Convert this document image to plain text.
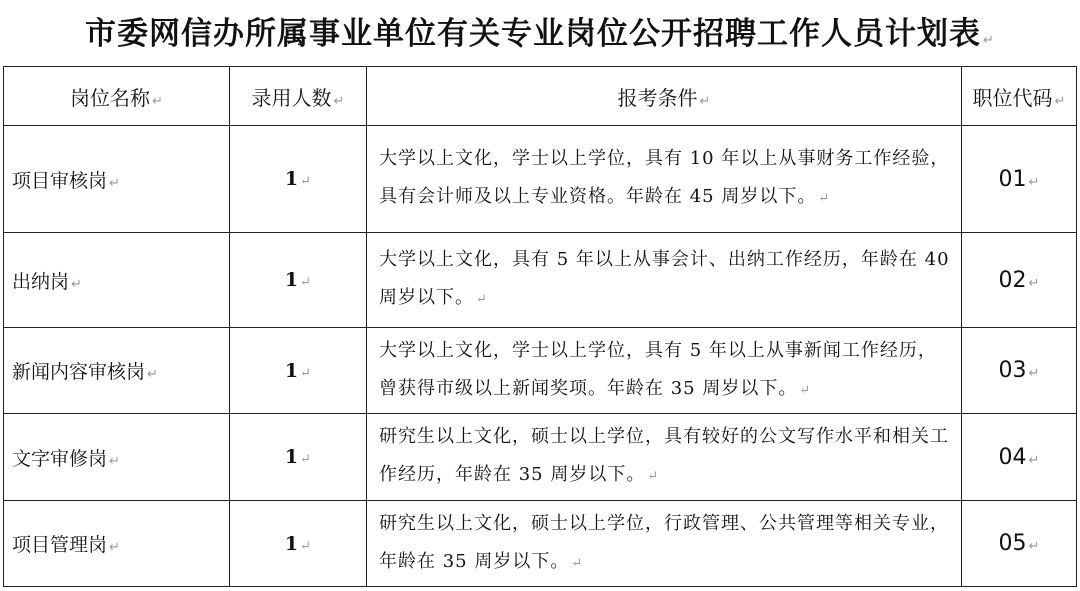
市委网信办所属事业单位有关专业岗位公开招聘工作人员计划表 ↵
岗位名称 ↵	录用人数 ↵	报考条件 ↵	职位代码 ↵
项目审核岗 ↵	1 ↵	大学以上文化，学士以上学位，具有 10 年以上从事财务工作经验，具有会计师及以上专业资格。年龄在 45 周岁以下。 ↵	01 ↵
出纳岗 ↵	1 ↵	大学以上文化，具有 5 年以上从事会计、出纳工作经历，年龄在 40 周岁以下。 ↵	02 ↵
新闻内容审核岗 ↵	1 ↵	大学以上文化，学士以上学位，具有 5 年以上从事新闻工作经历，曾获得市级以上新闻奖项。年龄在 35 周岁以下。 ↵	03 ↵
文字审修岗 ↵	1 ↵	研究生以上文化，硕士以上学位，具有较好的公文写作水平和相关工作经历，年龄在 35 周岁以下。 ↵	04 ↵
项目管理岗 ↵	1 ↵	研究生以上文化，硕士以上学位，行政管理、公共管理等相关专业，年龄在 35 周岁以下。 ↵	05 ↵
